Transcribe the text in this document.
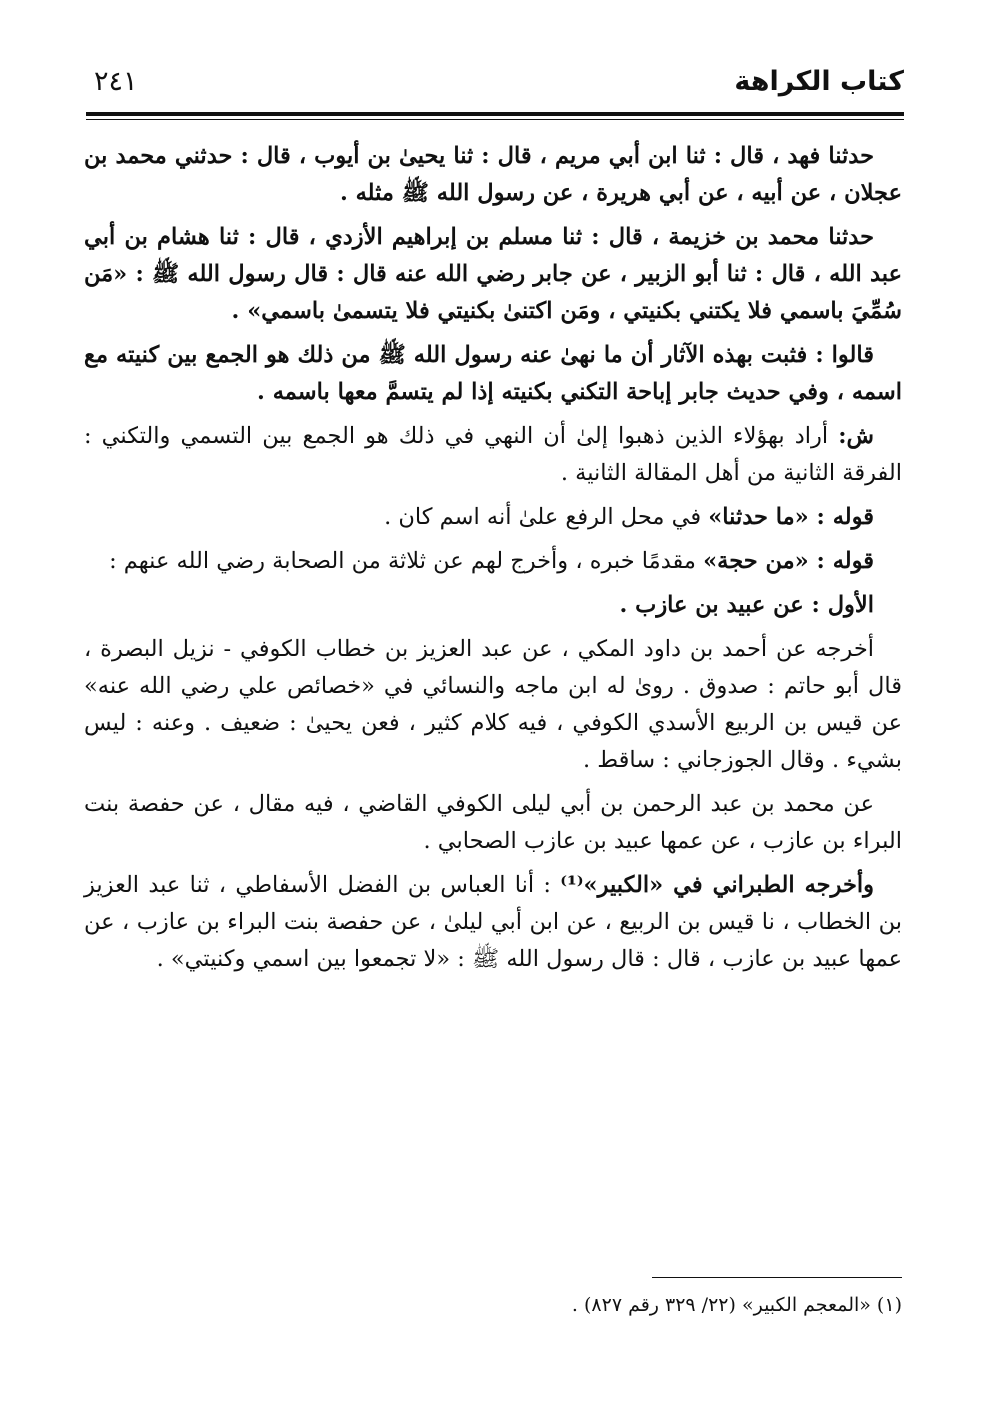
كتاب الكراهة
٢٤١

حدثنا فهد ، قال : ثنا ابن أبي مريم ، قال : ثنا يحيىٰ بن أيوب ، قال : حدثني محمد بن عجلان ، عن أبيه ، عن أبي هريرة ، عن رسول الله ﷺ مثله .

حدثنا محمد بن خزيمة ، قال : ثنا مسلم بن إبراهيم الأزدي ، قال : ثنا هشام بن أبي عبد الله ، قال : ثنا أبو الزبير ، عن جابر رضي الله عنه قال : قال رسول الله ﷺ : «مَن سُمِّيَ باسمي فلا يكتني بكنيتي ، ومَن اكتنىٰ بكنيتي فلا يتسمىٰ باسمي» .

قالوا : فثبت بهذه الآثار أن ما نهىٰ عنه رسول الله ﷺ من ذلك هو الجمع بين كنيته مع اسمه ، وفي حديث جابر إباحة التكني بكنيته إذا لم يتسمَّ معها باسمه .

ش: أراد بهؤلاء الذين ذهبوا إلىٰ أن النهي في ذلك هو الجمع بين التسمي والتكني : الفرقة الثانية من أهل المقالة الثانية .

قوله : «ما حدثنا» في محل الرفع علىٰ أنه اسم كان .

قوله : «من حجة» مقدمًا خبره ، وأخرج لهم عن ثلاثة من الصحابة رضي الله عنهم :

الأول : عن عبيد بن عازب .

أخرجه عن أحمد بن داود المكي ، عن عبد العزيز بن خطاب الكوفي - نزيل البصرة ، قال أبو حاتم : صدوق . روىٰ له ابن ماجه والنسائي في «خصائص علي رضي الله عنه» عن قيس بن الربيع الأسدي الكوفي ، فيه كلام كثير ، فعن يحيىٰ : ضعيف . وعنه : ليس بشيء . وقال الجوزجاني : ساقط .

عن محمد بن عبد الرحمن بن أبي ليلى الكوفي القاضي ، فيه مقال ، عن حفصة بنت البراء بن عازب ، عن عمها عبيد بن عازب الصحابي .

وأخرجه الطبراني في «الكبير»⁽¹⁾ : أنا العباس بن الفضل الأسفاطي ، ثنا عبد العزيز بن الخطاب ، نا قيس بن الربيع ، عن ابن أبي ليلىٰ ، عن حفصة بنت البراء بن عازب ، عن عمها عبيد بن عازب ، قال : قال رسول الله ﷺ : «لا تجمعوا بين اسمي وكنيتي» .

(١) «المعجم الكبير» (٢٢/ ٣٢٩ رقم ٨٢٧) .
